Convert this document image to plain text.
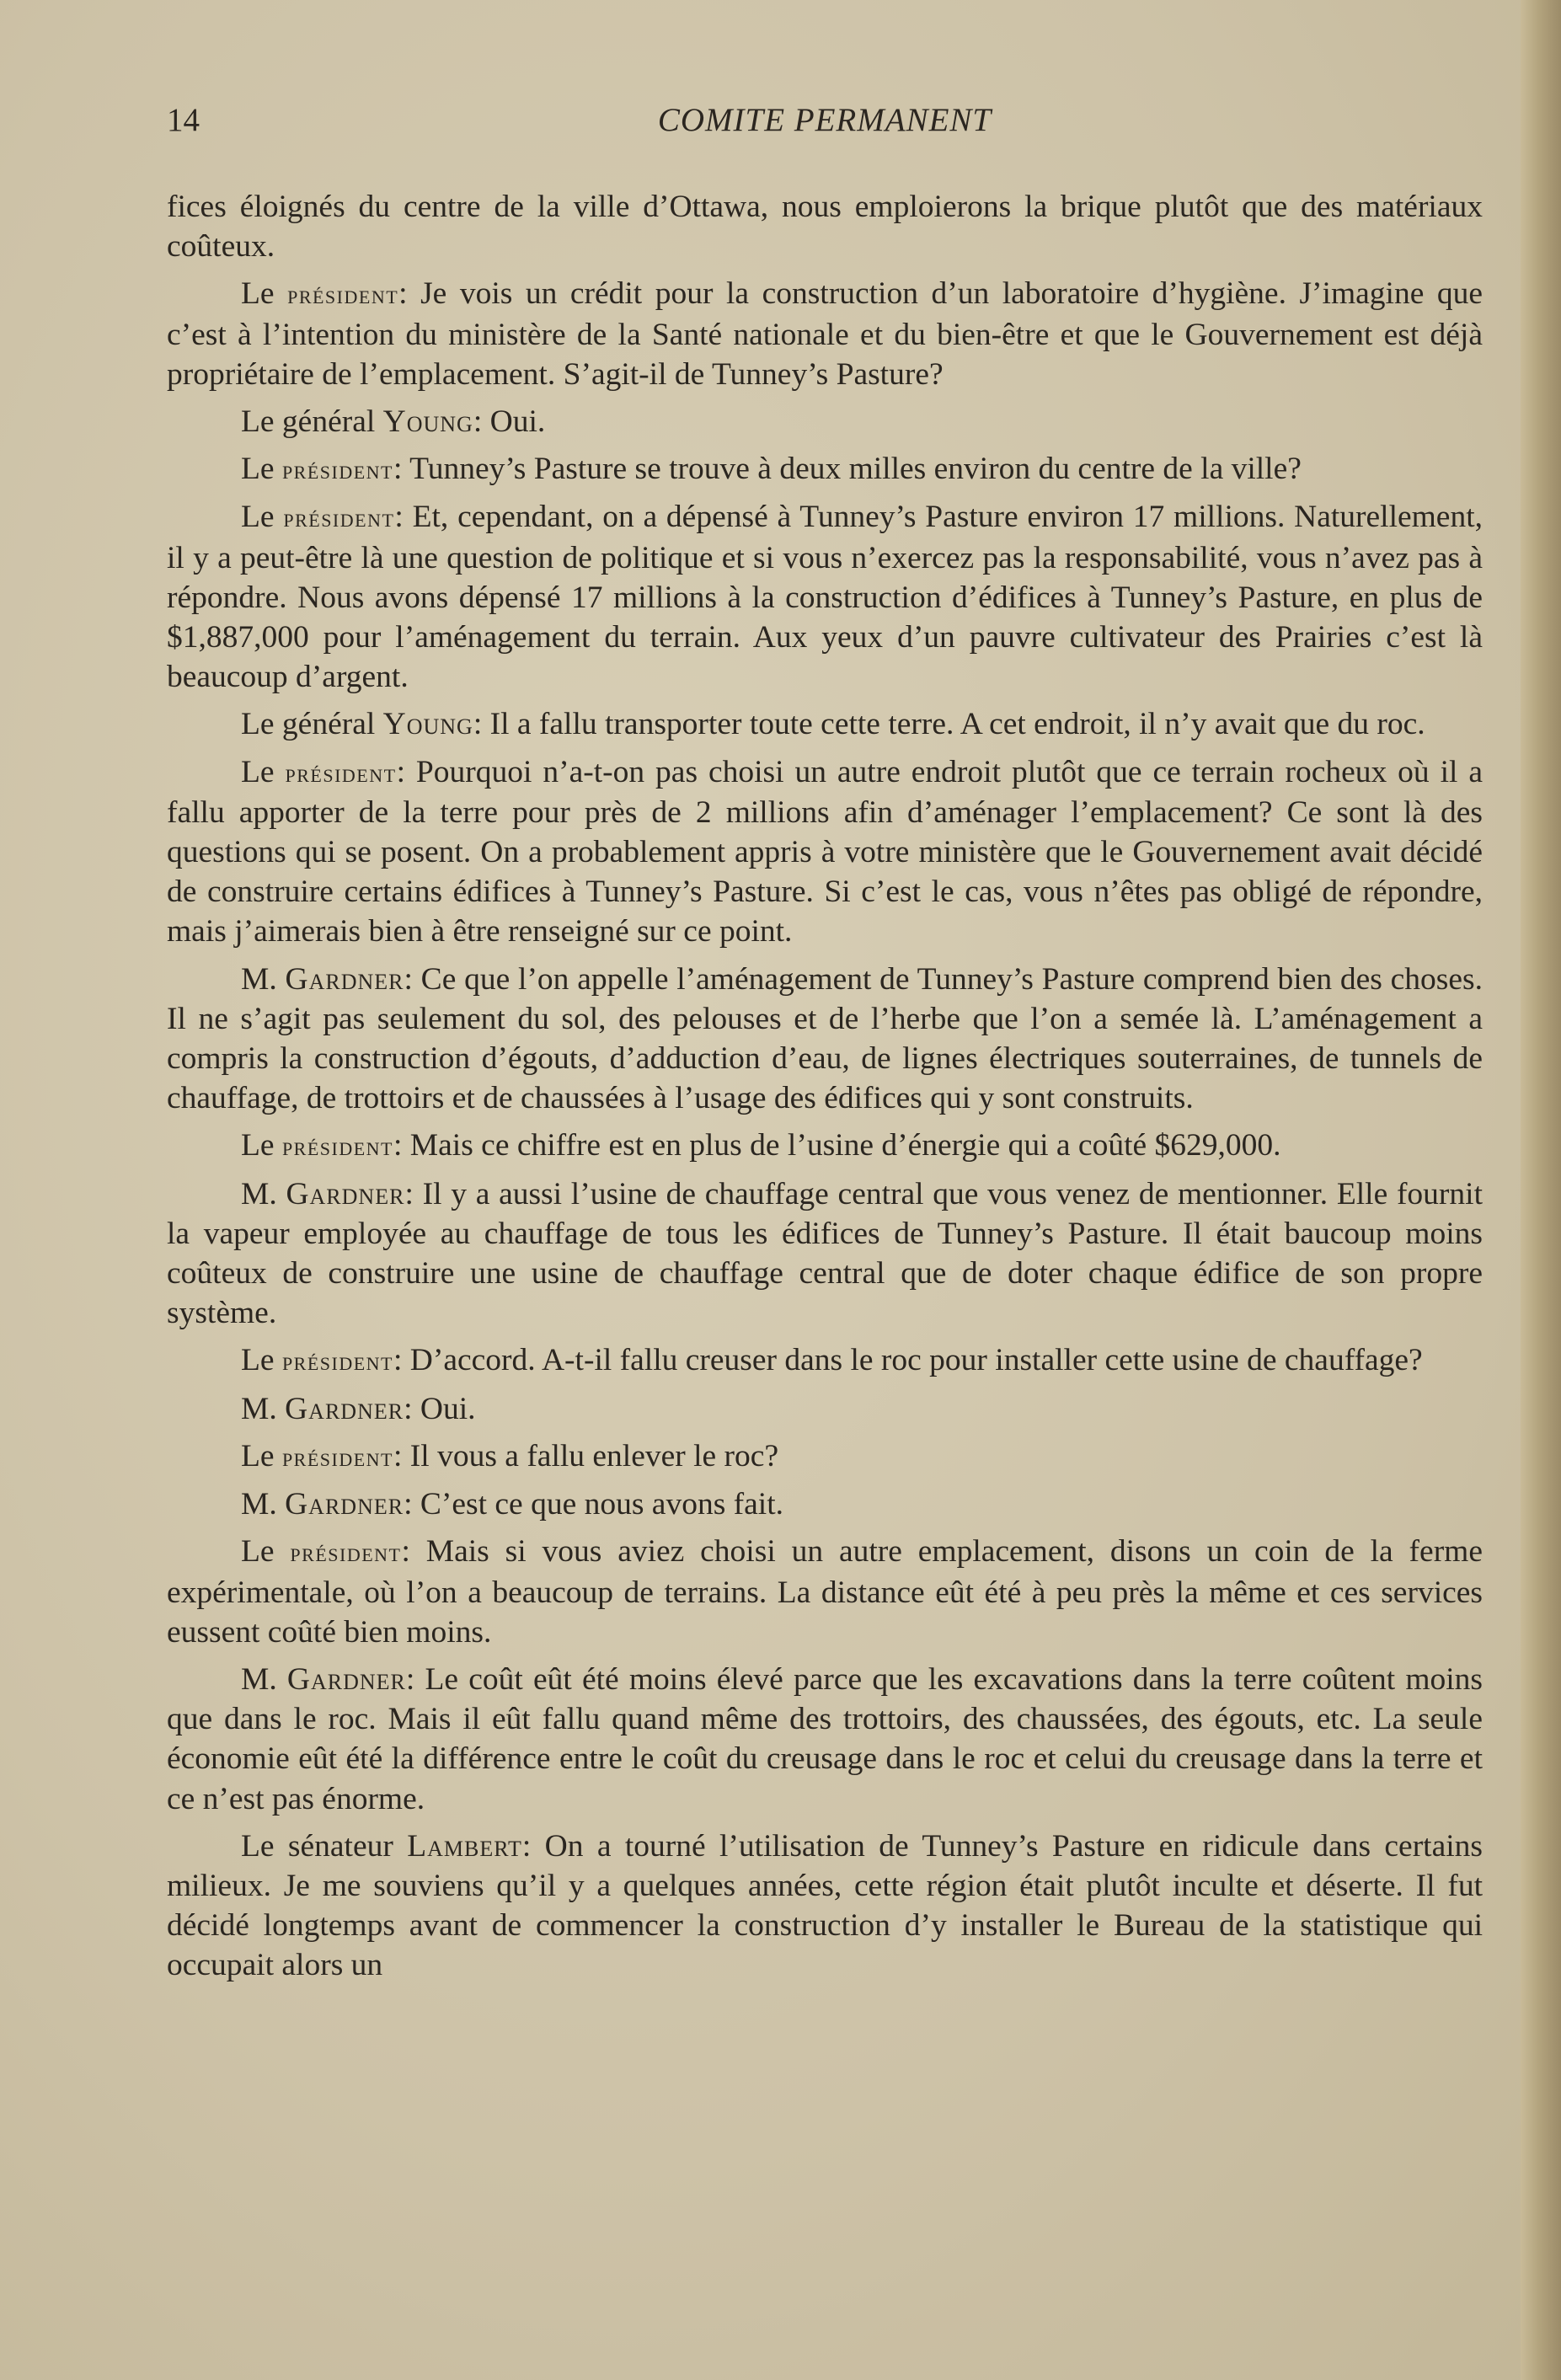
14	COMITE PERMANENT

fices éloignés du centre de la ville d’Ottawa, nous emploierons la brique plutôt que des matériaux coûteux.

Le président: Je vois un crédit pour la construction d’un laboratoire d’hygiène. J’imagine que c’est à l’intention du ministère de la Santé nationale et du bien-être et que le Gouvernement est déjà propriétaire de l’emplacement. S’agit-il de Tunney’s Pasture?

Le général Young: Oui.

Le président: Tunney’s Pasture se trouve à deux milles environ du centre de la ville?

Le président: Et, cependant, on a dépensé à Tunney’s Pasture environ 17 millions. Naturellement, il y a peut-être là une question de politique et si vous n’exercez pas la responsabilité, vous n’avez pas à répondre. Nous avons dépensé 17 millions à la construction d’édifices à Tunney’s Pasture, en plus de $1,887,000 pour l’aménagement du terrain. Aux yeux d’un pauvre cultivateur des Prairies c’est là beaucoup d’argent.

Le général Young: Il a fallu transporter toute cette terre. A cet endroit, il n’y avait que du roc.

Le président: Pourquoi n’a-t-on pas choisi un autre endroit plutôt que ce terrain rocheux où il a fallu apporter de la terre pour près de 2 millions afin d’aménager l’emplacement? Ce sont là des questions qui se posent. On a probablement appris à votre ministère que le Gouvernement avait décidé de construire certains édifices à Tunney’s Pasture. Si c’est le cas, vous n’êtes pas obligé de répondre, mais j’aimerais bien à être renseigné sur ce point.

M. Gardner: Ce que l’on appelle l’aménagement de Tunney’s Pasture comprend bien des choses. Il ne s’agit pas seulement du sol, des pelouses et de l’herbe que l’on a semée là. L’aménagement a compris la construction d’égouts, d’adduction d’eau, de lignes électriques souterraines, de tunnels de chauffage, de trottoirs et de chaussées à l’usage des édifices qui y sont construits.

Le président: Mais ce chiffre est en plus de l’usine d’énergie qui a coûté $629,000.

M. Gardner: Il y a aussi l’usine de chauffage central que vous venez de mentionner. Elle fournit la vapeur employée au chauffage de tous les édifices de Tunney’s Pasture. Il était baucoup moins coûteux de construire une usine de chauffage central que de doter chaque édifice de son propre système.

Le président: D’accord. A-t-il fallu creuser dans le roc pour installer cette usine de chauffage?

M. Gardner: Oui.

Le président: Il vous a fallu enlever le roc?

M. Gardner: C’est ce que nous avons fait.

Le président: Mais si vous aviez choisi un autre emplacement, disons un coin de la ferme expérimentale, où l’on a beaucoup de terrains. La distance eût été à peu près la même et ces services eussent coûté bien moins.

M. Gardner: Le coût eût été moins élevé parce que les excavations dans la terre coûtent moins que dans le roc. Mais il eût fallu quand même des trottoirs, des chaussées, des égouts, etc. La seule économie eût été la différence entre le coût du creusage dans le roc et celui du creusage dans la terre et ce n’est pas énorme.

Le sénateur Lambert: On a tourné l’utilisation de Tunney’s Pasture en ridicule dans certains milieux. Je me souviens qu’il y a quelques années, cette région était plutôt inculte et déserte. Il fut décidé longtemps avant de commencer la construction d’y installer le Bureau de la statistique qui occupait alors un
